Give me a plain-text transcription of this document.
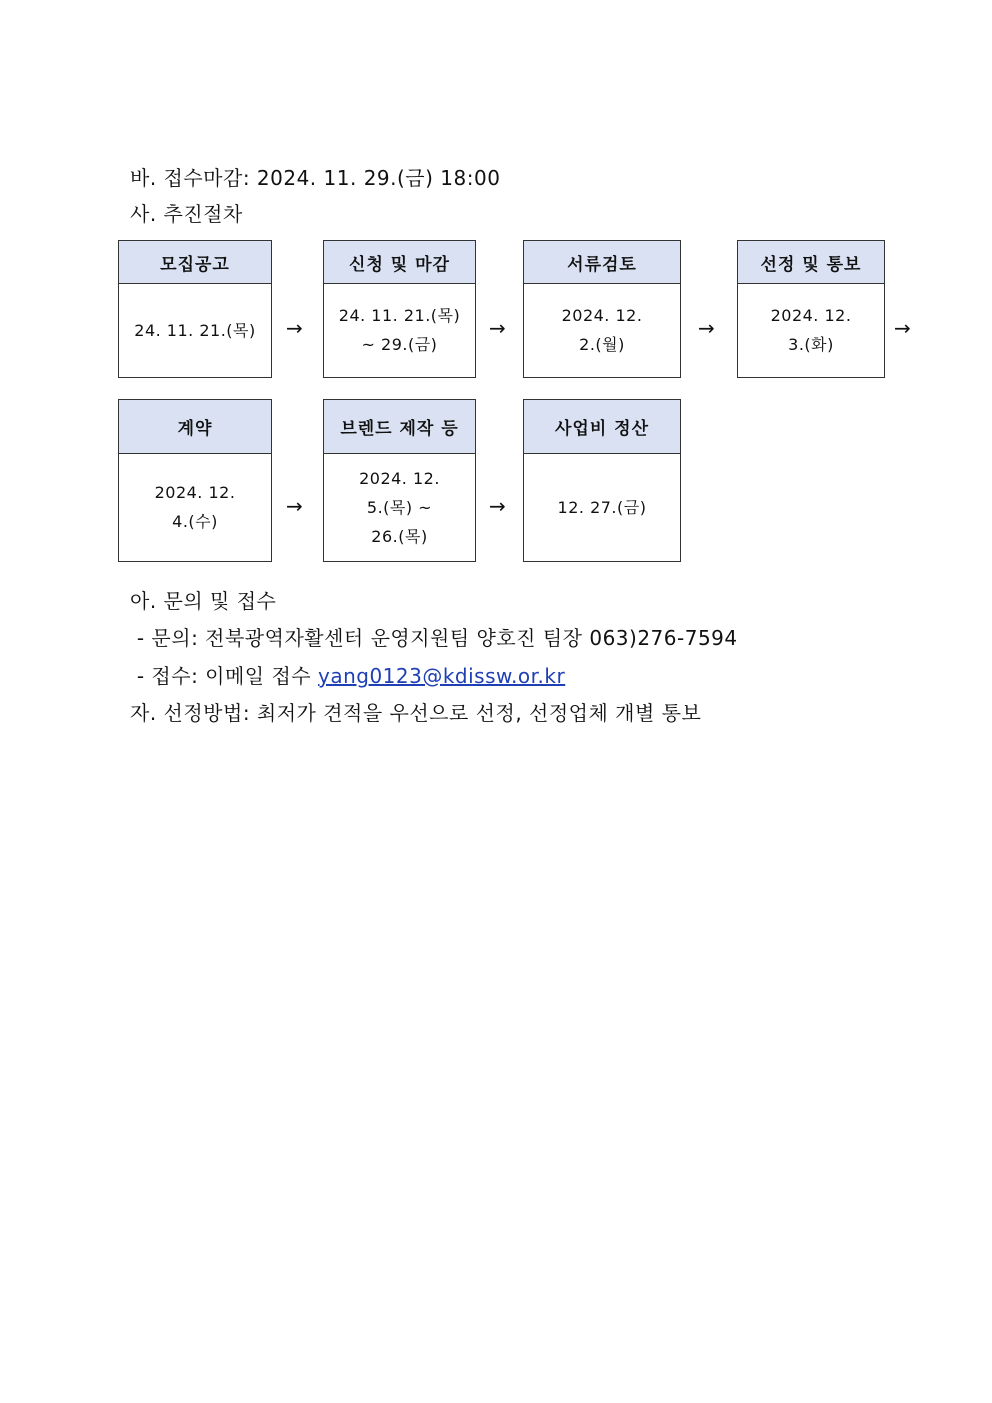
바. 접수마감: 2024. 11. 29.(금) 18:00
사. 추진절차
모집공고
24. 11. 21.(목)	→
신청 및 마감
24. 11. 21.(목)
~ 29.(금)
→
서류검토
2024. 12.
2.(월)
→
선정 및 통보
2024. 12.
3.(화)
→
계약
2024. 12.
4.(수)
→
브렌드 제작 등
2024. 12.
5.(목) ~
26.(목)
→
사업비 정산
12. 27.(금)
아. 문의 및 접수
- 문의: 전북광역자활센터 운영지원팀 양호진 팀장 063)276-7594
- 접수: 이메일 접수 yang0123@kdissw.or.kr
자. 선정방법: 최저가 견적을 우선으로 선정, 선정업체 개별 통보
